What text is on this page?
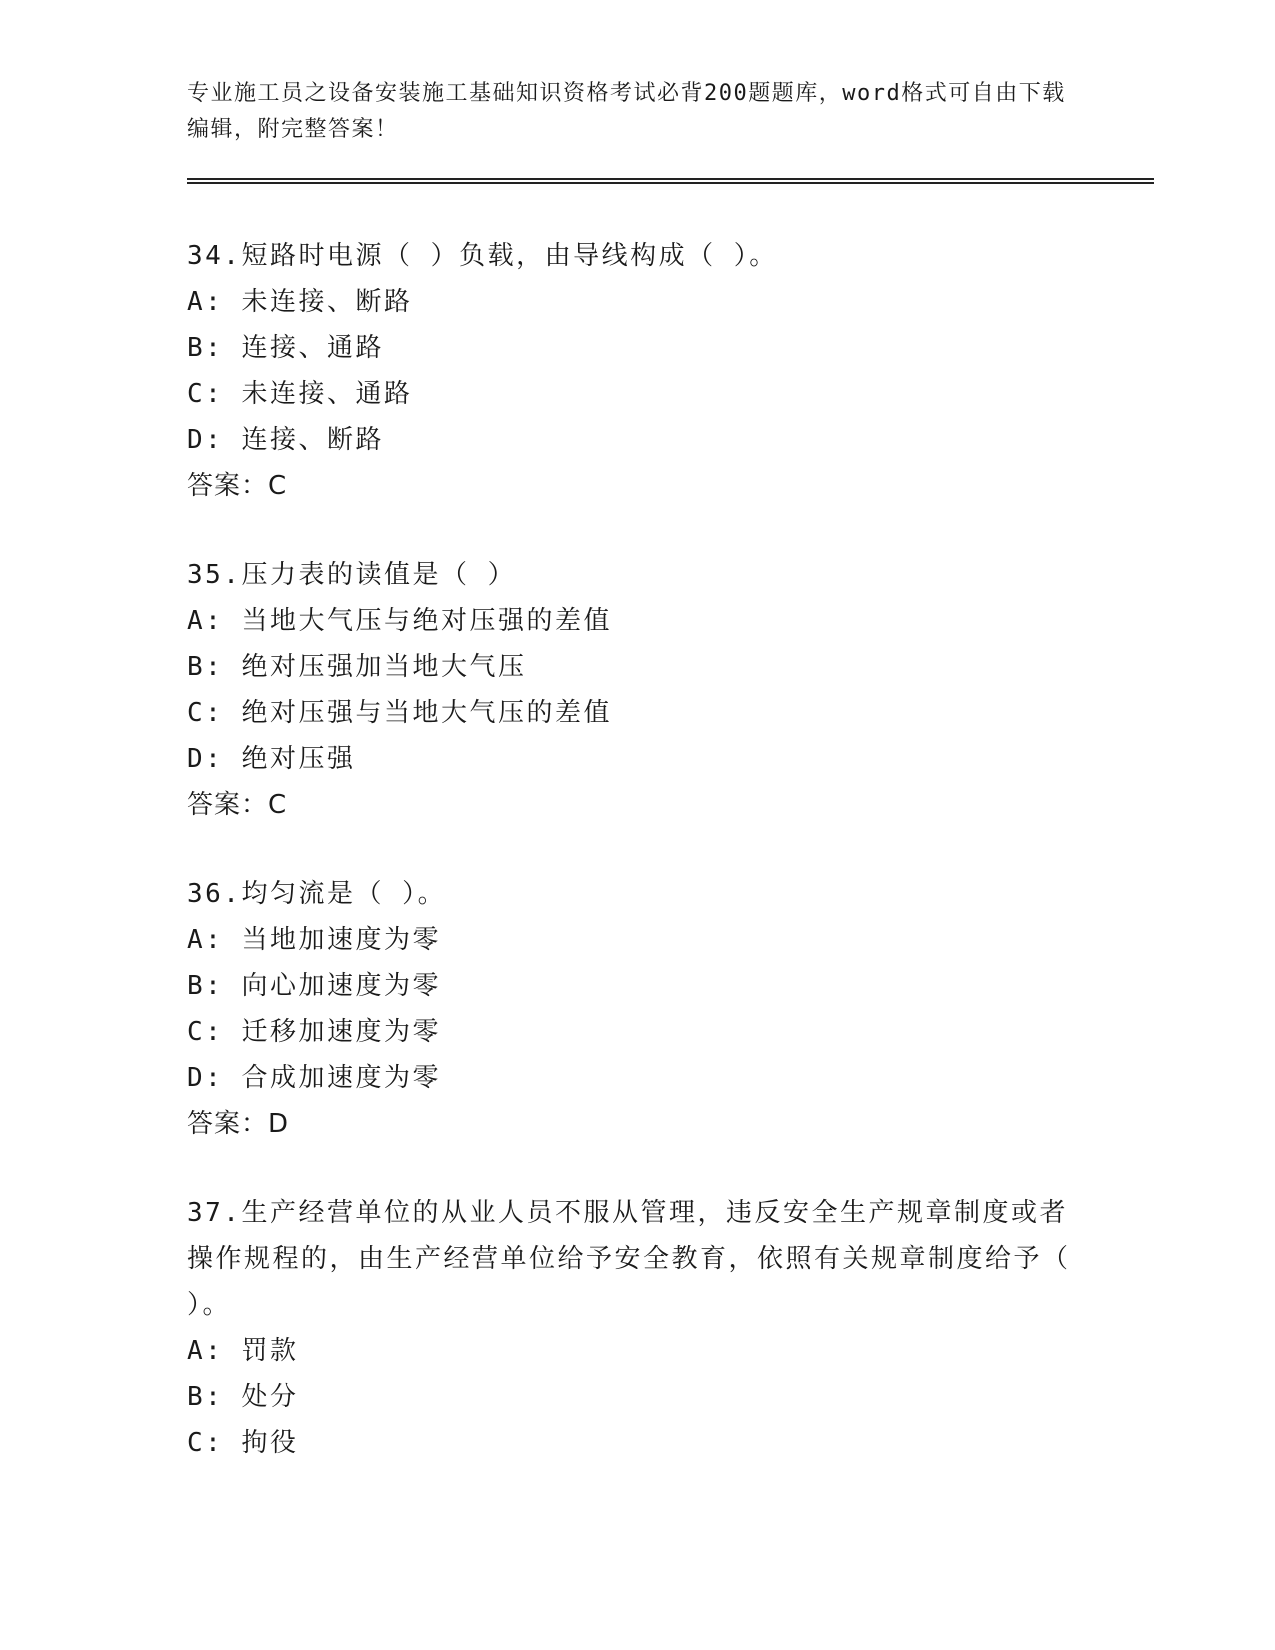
专业施工员之设备安装施工基础知识资格考试必背200题题库，word格式可自由下载编辑，附完整答案！
34.短路时电源（ ）负载，由导线构成（ ）。
A: 未连接、断路
B: 连接、通路
C: 未连接、通路
D: 连接、断路
答案：C
35.压力表的读值是（ ）
A: 当地大气压与绝对压强的差值
B: 绝对压强加当地大气压
C: 绝对压强与当地大气压的差值
D: 绝对压强
答案：C
36.均匀流是（ ）。
A: 当地加速度为零
B: 向心加速度为零
C: 迁移加速度为零
D: 合成加速度为零
答案：D
37.生产经营单位的从业人员不服从管理，违反安全生产规章制度或者操作规程的，由生产经营单位给予安全教育，依照有关规章制度给予（ ）。
A: 罚款
B: 处分
C: 拘役
